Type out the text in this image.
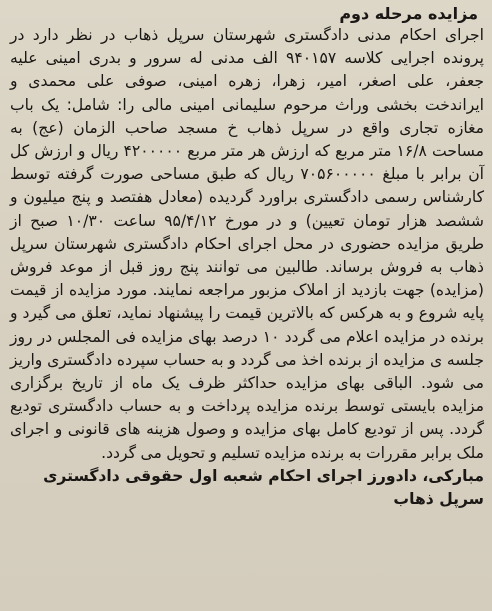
مزایده مرحله دوم

اجرای احکام مدنی دادگستری شهرستان سرپل ذهاب در نظر دارد در پرونده اجرایی کلاسه ۹۴۰۱۵۷ الف مدنی له سرور و بدری امینی علیه جعفر، علی اصغر، امیر، زهرا، زهره امینی، صوفی علی محمدی و ایراندخت بخشی وراث مرحوم سلیمانی امینی مالی را: شامل: یک باب مغازه تجاری واقع در سرپل ذهاب خ مسجد صاحب الزمان (عج) به مساحت ۱۶/۸ متر مربع که ارزش هر متر مربع ۴۲۰۰۰۰۰ ریال و ارزش کل آن برابر با مبلغ ۷۰۵۶۰۰۰۰۰ ریال که طبق مساحی صورت گرفته توسط کارشناس رسمی دادگستری براورد گردیده (معادل هفتصد و پنج میلیون و ششصد هزار تومان تعیین) و در مورخ ۹۵/۴/۱۲ ساعت ۱۰/۳۰ صبح از طریق مزایده حضوری در محل اجرای احکام دادگستری شهرستان سرپل ذهاب به فروش برساند. طالبین می توانند پنج روز قبل از موعد فروش (مزایده) جهت بازدید از املاک مزبور مراجعه نمایند. مورد مزایده از قیمت پایه شروع و به هرکس که بالاترین قیمت را پیشنهاد نماید، تعلق می گیرد و برنده در مزایده اعلام می گردد ۱۰ درصد بهای مزایده فی المجلس در روز جلسه ی مزایده از برنده اخذ می گردد و به حساب سپرده دادگستری واریز می شود. الباقی بهای مزایده حداکثر ظرف یک ماه از تاریخ برگزاری مزایده بایستی توسط برنده مزایده پرداخت و به حساب دادگستری تودیع گردد. پس از تودیع کامل بهای مزایده و وصول هزینه های قانونی و اجرای ملک برابر مقررات به برنده مزایده تسلیم و تحویل می گردد.

مبارکی، دادورز اجرای احکام شعبه اول حقوقی دادگستری سرپل ذهاب
